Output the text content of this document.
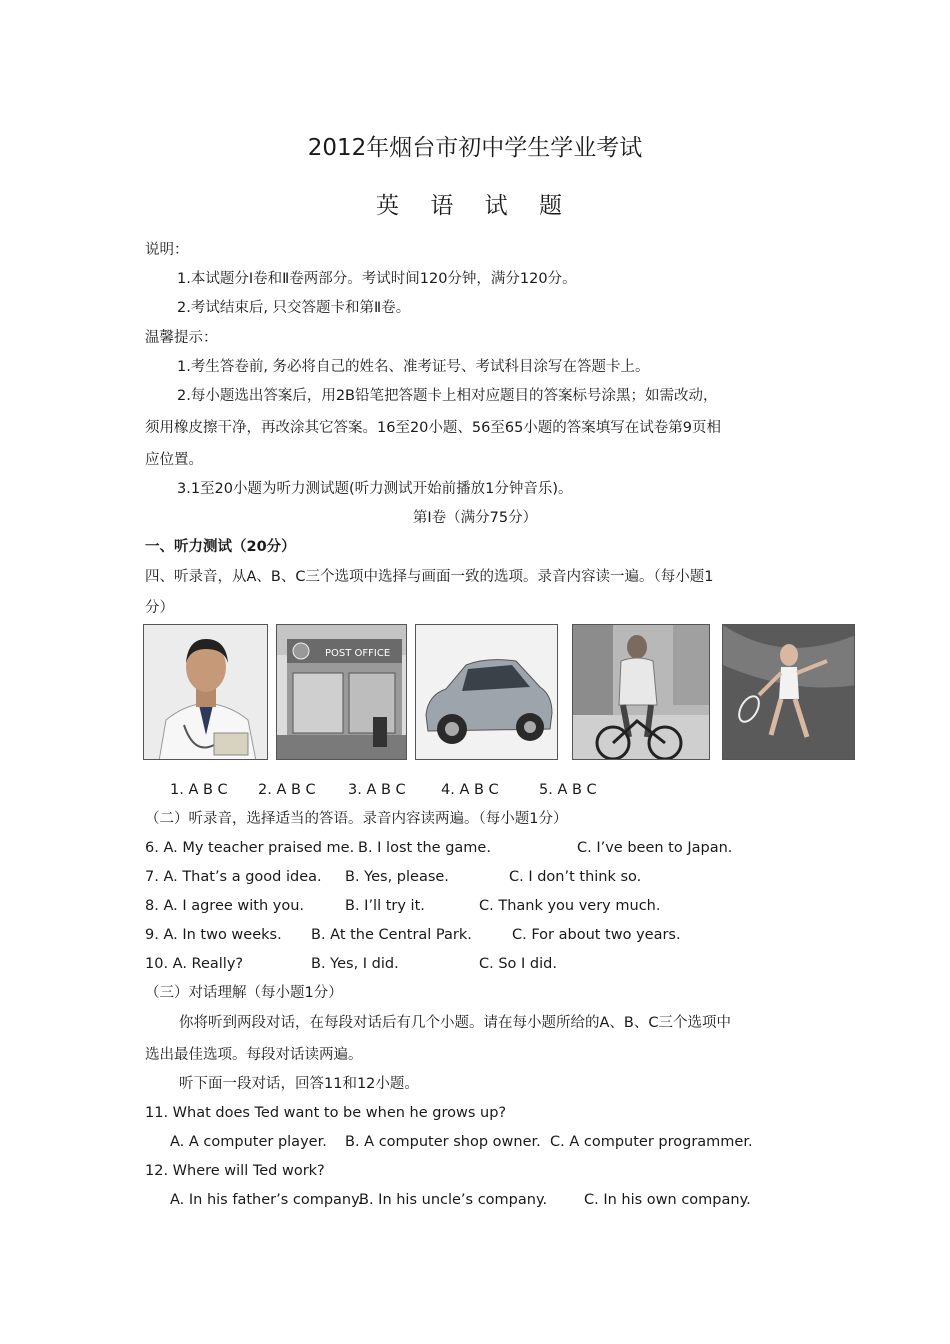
2012年烟台市初中学生学业考试
英 语 试 题
说明：
1.本试题分Ⅰ卷和Ⅱ卷两部分。考试时间120分钟，满分120分。
2.考试结束后, 只交答题卡和第Ⅱ卷。
温馨提示：
1.考生答卷前, 务必将自己的姓名、准考证号、考试科目涂写在答题卡上。
2.每小题选出答案后，用2B铅笔把答题卡上相对应题目的答案标号涂黑；如需改动，
须用橡皮擦干净，再改涂其它答案。16至20小题、56至65小题的答案填写在试卷第9页相
应位置。
3.1至20小题为听力测试题(听力测试开始前播放1分钟音乐)。
第Ⅰ卷（满分75分）
一、听力测试（20分）
四、听录音，从A、B、C三个选项中选择与画面一致的选项。录音内容读一遍。（每小题1
分）
POST OFFICE
1. A B C 2. A B C 3. A B C 4. A B C	5. A B C
（二）听录音，选择适当的答语。录音内容读两遍。（每小题1分）
6. A. My teacher praised me. B. I lost the game.	C. I’ve been to Japan.
7. A. That’s a good idea. B. Yes, please.	C. I don’t think so.
8. A. I agree with you.	B. I’ll try it.	C. Thank you very much.
9. A. In two weeks. B. At the Central Park.	C. For about two years.
10. A. Really?	B. Yes, I did.	C. So I did.
（三）对话理解（每小题1分）
你将听到两段对话，在每段对话后有几个小题。请在每小题所给的A、B、C三个选项中
选出最佳选项。每段对话读两遍。
听下面一段对话，回答11和12小题。
11. What does Ted want to be when he grows up?
A. A computer player. B. A computer shop owner. C. A computer programmer.
12. Where will Ted work?
A. In his father’s company.
B. In his uncle’s company.	C. In his own company.
